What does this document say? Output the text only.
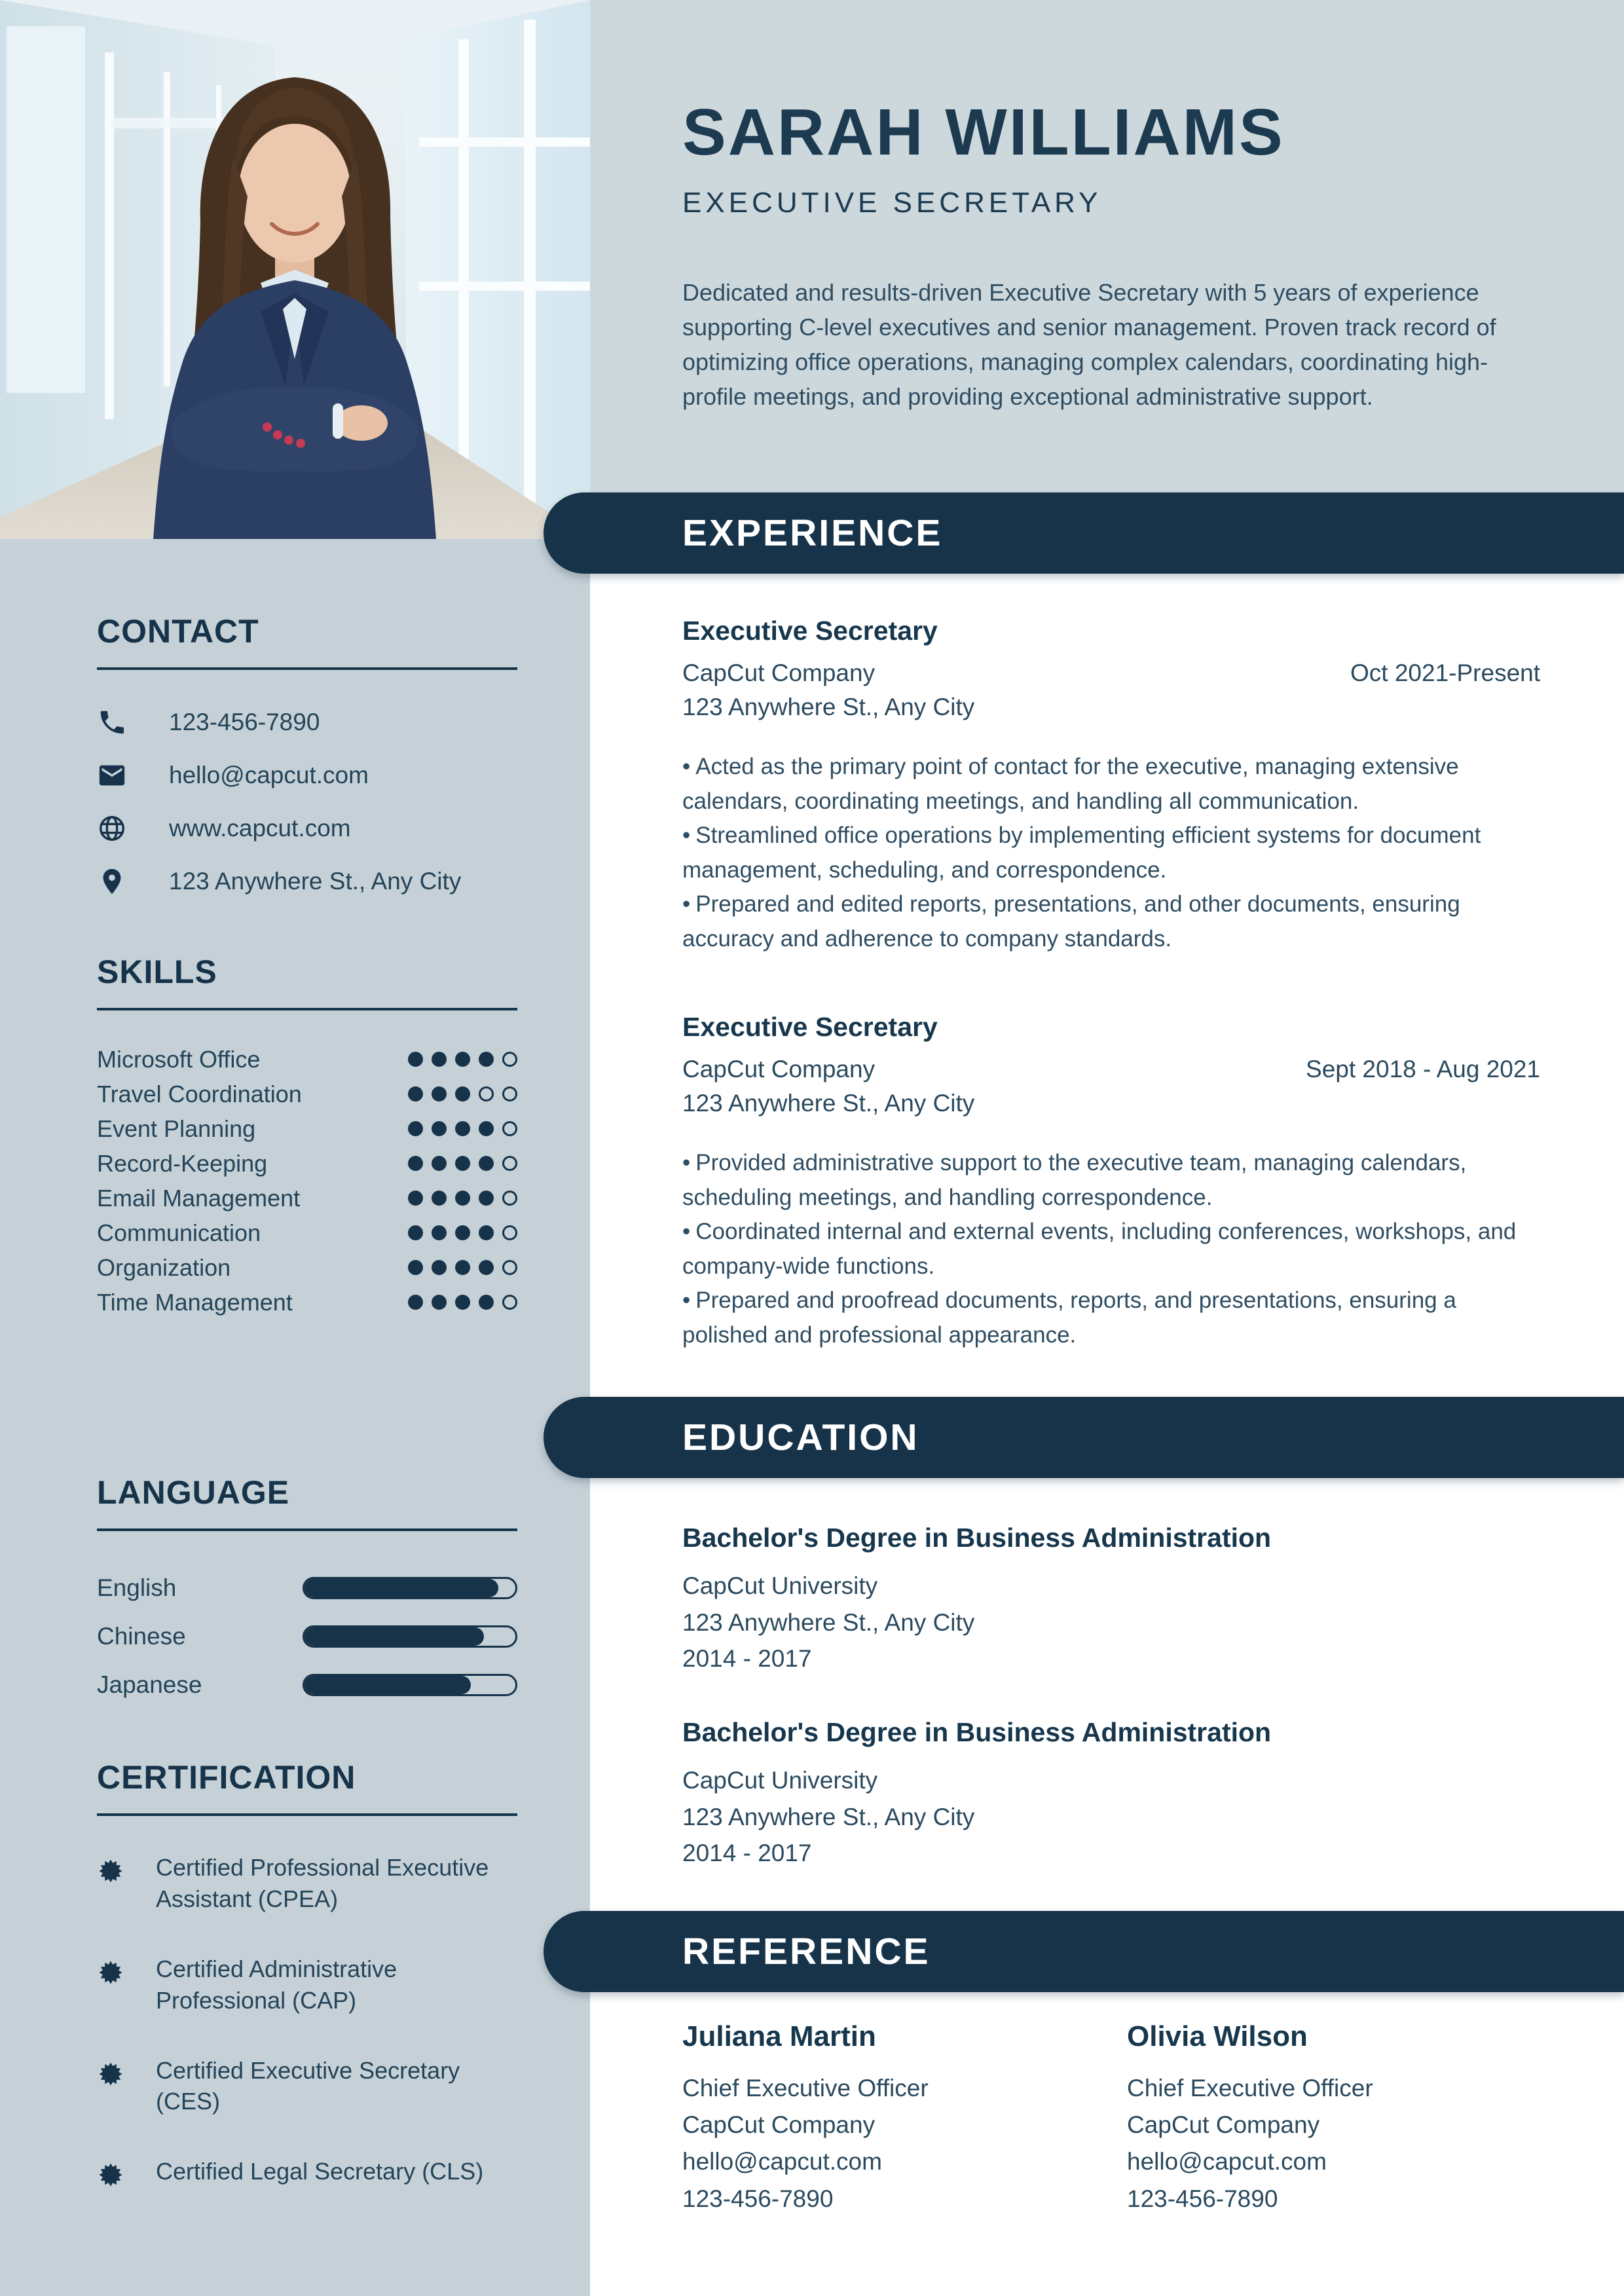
CONTACT
123-456-7890
hello@capcut.com
www.capcut.com
123 Anywhere St., Any City
SKILLS
Microsoft Office
Travel Coordination
Event Planning
Record-Keeping
Email Management
Communication
Organization
Time Management
LANGUAGE
English
Chinese
Japanese
CERTIFICATION
Certified Professional Executive Assistant (CPEA)
Certified Administrative Professional (CAP)
Certified Executive Secretary (CES)
Certified Legal Secretary (CLS)
SARAH WILLIAMS
EXECUTIVE SECRETARY
Dedicated and results-driven Executive Secretary with 5 years of experience supporting C-level executives and senior management. Proven track record of optimizing office operations, managing complex calendars, coordinating high-profile meetings, and providing exceptional administrative support.
EXPERIENCE
Executive Secretary
CapCut Company	Oct 2021-Present
123 Anywhere St., Any City

• Acted as the primary point of contact for the executive, managing extensive calendars, coordinating meetings, and handling all communication.

• Streamlined office operations by implementing efficient systems for document management, scheduling, and correspondence.

• Prepared and edited reports, presentations, and other documents, ensuring accuracy and adherence to company standards.

Executive Secretary
CapCut Company	Sept 2018 - Aug 2021
123 Anywhere St., Any City

• Provided administrative support to the executive team, managing calendars, scheduling meetings, and handling correspondence.

• Coordinated internal and external events, including conferences, workshops, and company-wide functions.

• Prepared and proofread documents, reports, and presentations, ensuring a polished and professional appearance.

EDUCATION
Bachelor's Degree in Business Administration
CapCut University
123 Anywhere St., Any City
2014 - 2017
Bachelor's Degree in Business Administration
CapCut University
123 Anywhere St., Any City
2014 - 2017
REFERENCE
Juliana Martin
Chief Executive Officer
CapCut Company
hello@capcut.com
123-456-7890
Olivia Wilson
Chief Executive Officer
CapCut Company
hello@capcut.com
123-456-7890
